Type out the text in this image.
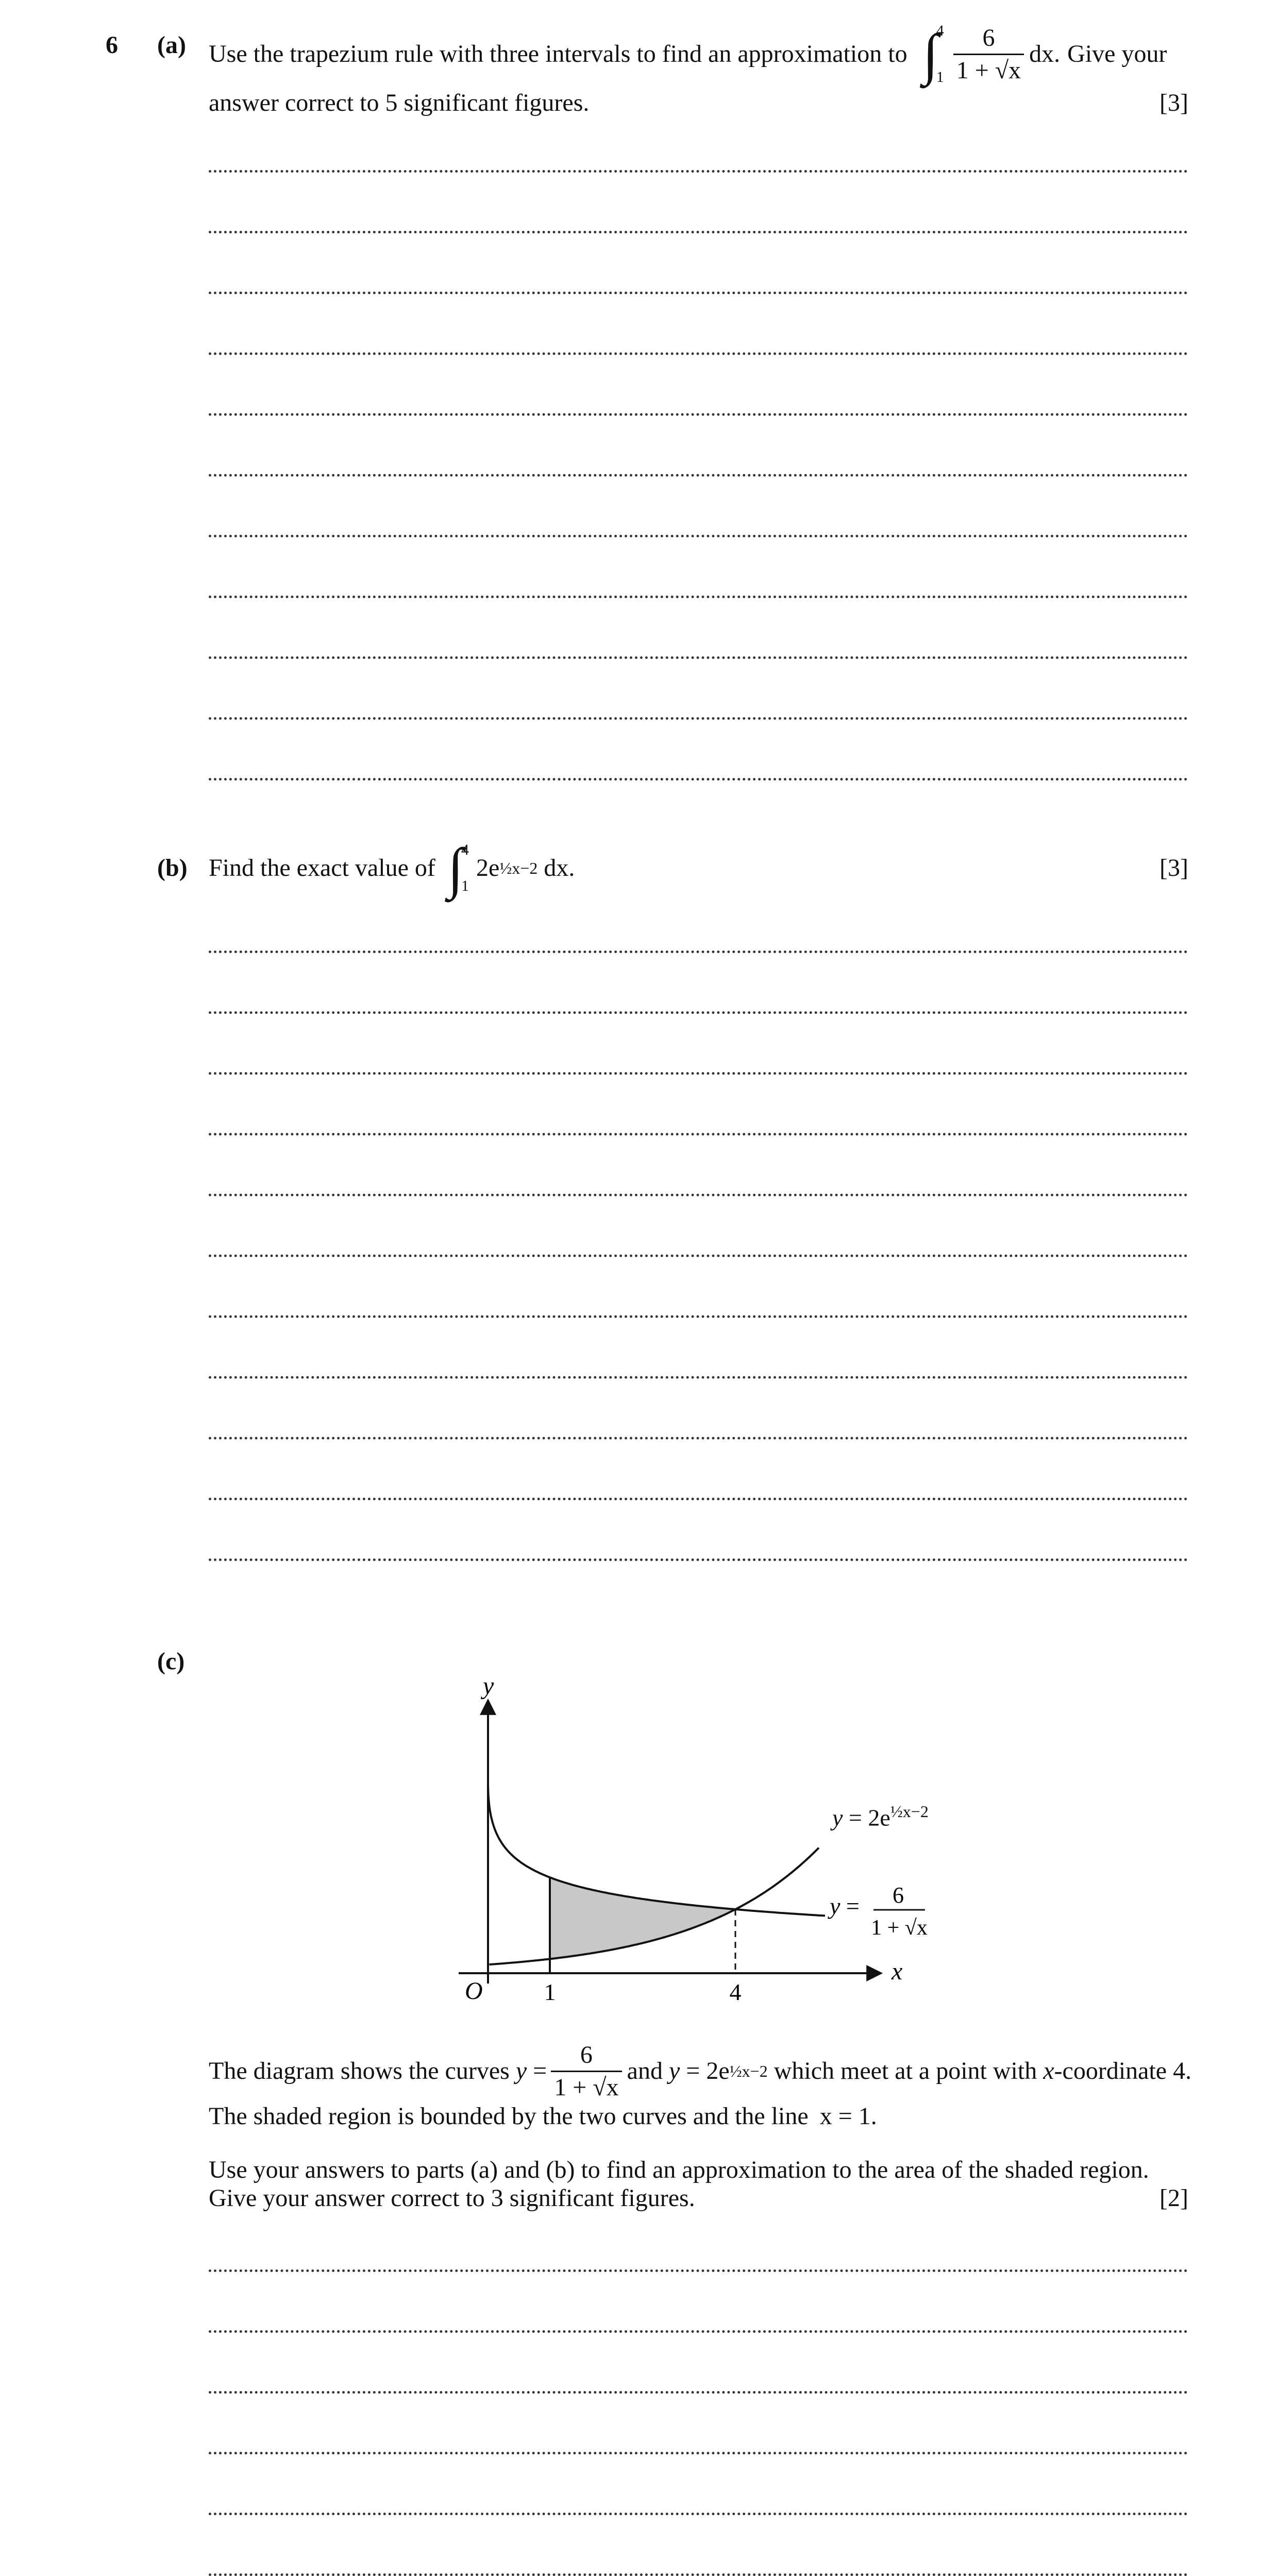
6 (a) Use the trapezium rule with three intervals to find an approximation to ∫
4
$1 \frac{6}{1 + √x}$ dx. Give your
answer correct to 5 significant figures.	[3]
(b) Find the exact value of ∫
4
1
2e ½x−2 dx.	[3]
(c)
y
x
O	1	4
y = 6
1 + √x
$y = 2e^{\frac{1}{2}x-2}$
The diagram shows the curves $y = \frac{6}{1 + √x}$ and y = 2e ½x−2 which meet at a point with x -coordinate 4.
The shaded region is bounded by the two curves and the line x = 1.
Use your answers to parts (a) and (b) to find an approximation to the area of the shaded region.
Give your answer correct to 3 significant figures.	[2]
